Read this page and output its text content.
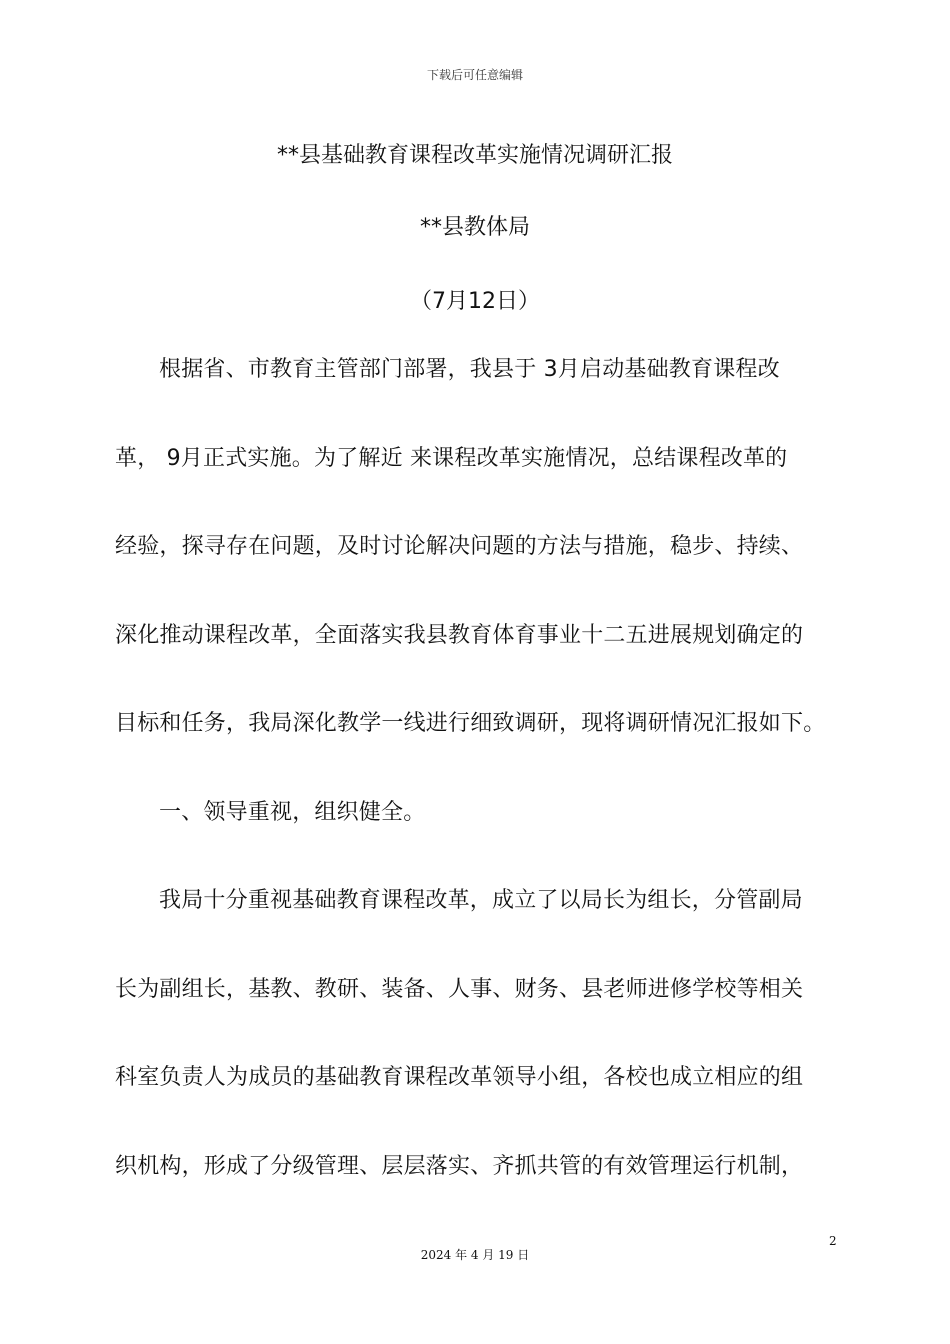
下载后可任意编辑
**县基础教育课程改革实施情况调研汇报
**县教体局
（7月12日）
根据省、市教育主管部门部署，我县于 3月启动基础教育课程改
革， 9月正式实施。为了解近 来课程改革实施情况，总结课程改革的
经验，探寻存在问题，及时讨论解决问题的方法与措施，稳步、持续、
深化推动课程改革，全面落实我县教育体育事业十二五进展规划确定的
目标和任务，我局深化教学一线进行细致调研，现将调研情况汇报如下。
一、领导重视，组织健全。
我局十分重视基础教育课程改革，成立了以局长为组长，分管副局
长为副组长，基教、教研、装备、人事、财务、县老师进修学校等相关
科室负责人为成员的基础教育课程改革领导小组，各校也成立相应的组
织机构，形成了分级管理、层层落实、齐抓共管的有效管理运行机制，
2
2024 年 4 月 19 日
